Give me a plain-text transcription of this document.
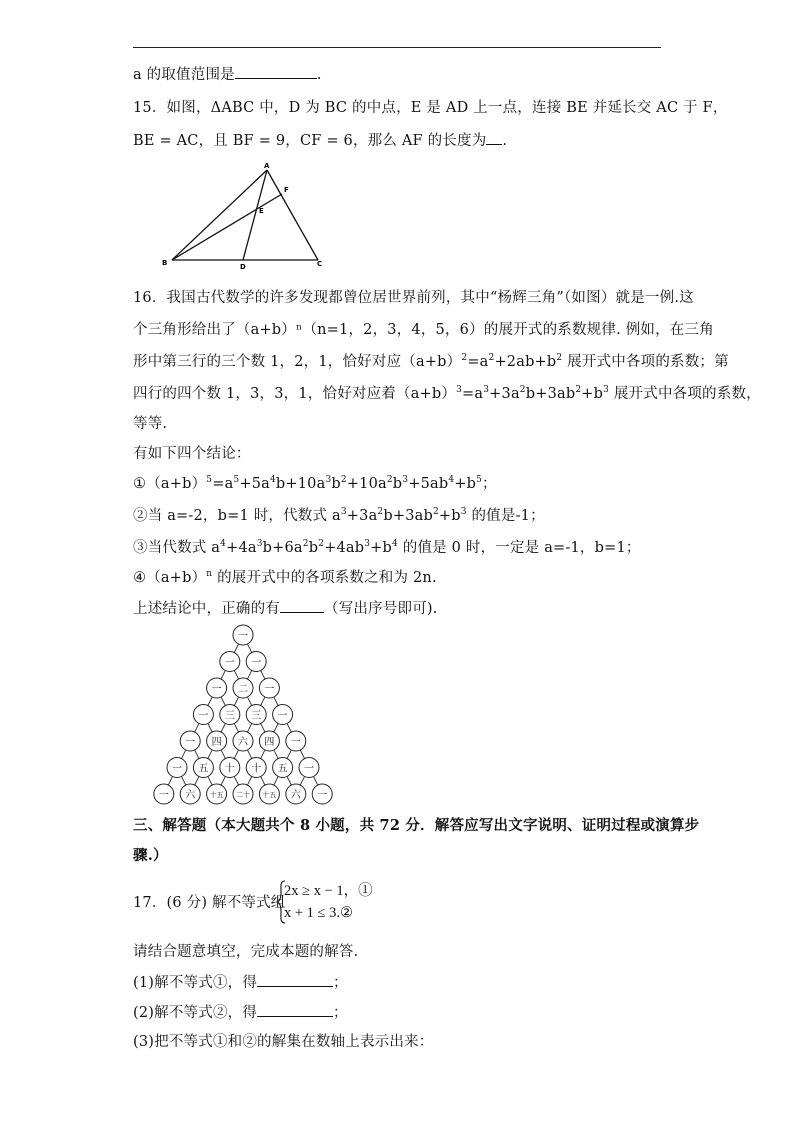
a 的取值范围是	.
15．如图，ΔABC 中，D 为 BC 的中点，E 是 AD 上一点，连接 BE 并延长交 AC 于 F，
BE = AC，且 BF = 9，CF = 6，那么 AF 的长度为 .
A
F
E
B	D	C
16．我国古代数学的许多发现都曾位居世界前列，其中“杨辉三角”（如图）就是一例.这
个三角形给出了（a+b）ⁿ（n=1，2，3，4，5，6）的展开式的系数规律. 例如，在三角
形中第三行的三个数 1，2，1，恰好对应$(a+b)^2=a^2+2ab+b^2$ 展开式中各项的系数；第
四行的四个数 1，3，3，1，恰好对应着$(a+b)^3=a^3+3a^2b+3ab^2+b^3$ 展开式中各项的系数，
等等.
有如下四个结论：
$①(a+b)^5=a^5+5a^4b+10a^3b^2+10a^2b^3+5ab^4+b^5$；
②当 a=-2，b=1 时，代数式 $a^3+3a^2b+3ab^2+b^3$ 的值是-1；
③当代数式 $a^4+4a^3b+6a^2b^2+4ab^3+b^4$ 的值是 0 时，一定是 a=-1，b=1；
$④(a+b)^n$ 的展开式中的各项系数之和为 2n.
上述结论中，正确的有	（写出序号即可).
一
一 一
一 二 一
一 三 三 一
一 四 六 四 一
一 五 十 十 五 一
一 六 十五 二十 十五 六 一
三、解答题（本大题共个 8 小题，共 72 分．解答应写出文字说明、证明过程或演算步
骤.）
17．(6 分) 解不等式组
2x ≥ x − 1，①
x + 1 ≤ 3.②
请结合题意填空，完成本题的解答.
(1)解不等式①，得	；
(2)解不等式②，得	；
(3)把不等式①和②的解集在数轴上表示出来：
